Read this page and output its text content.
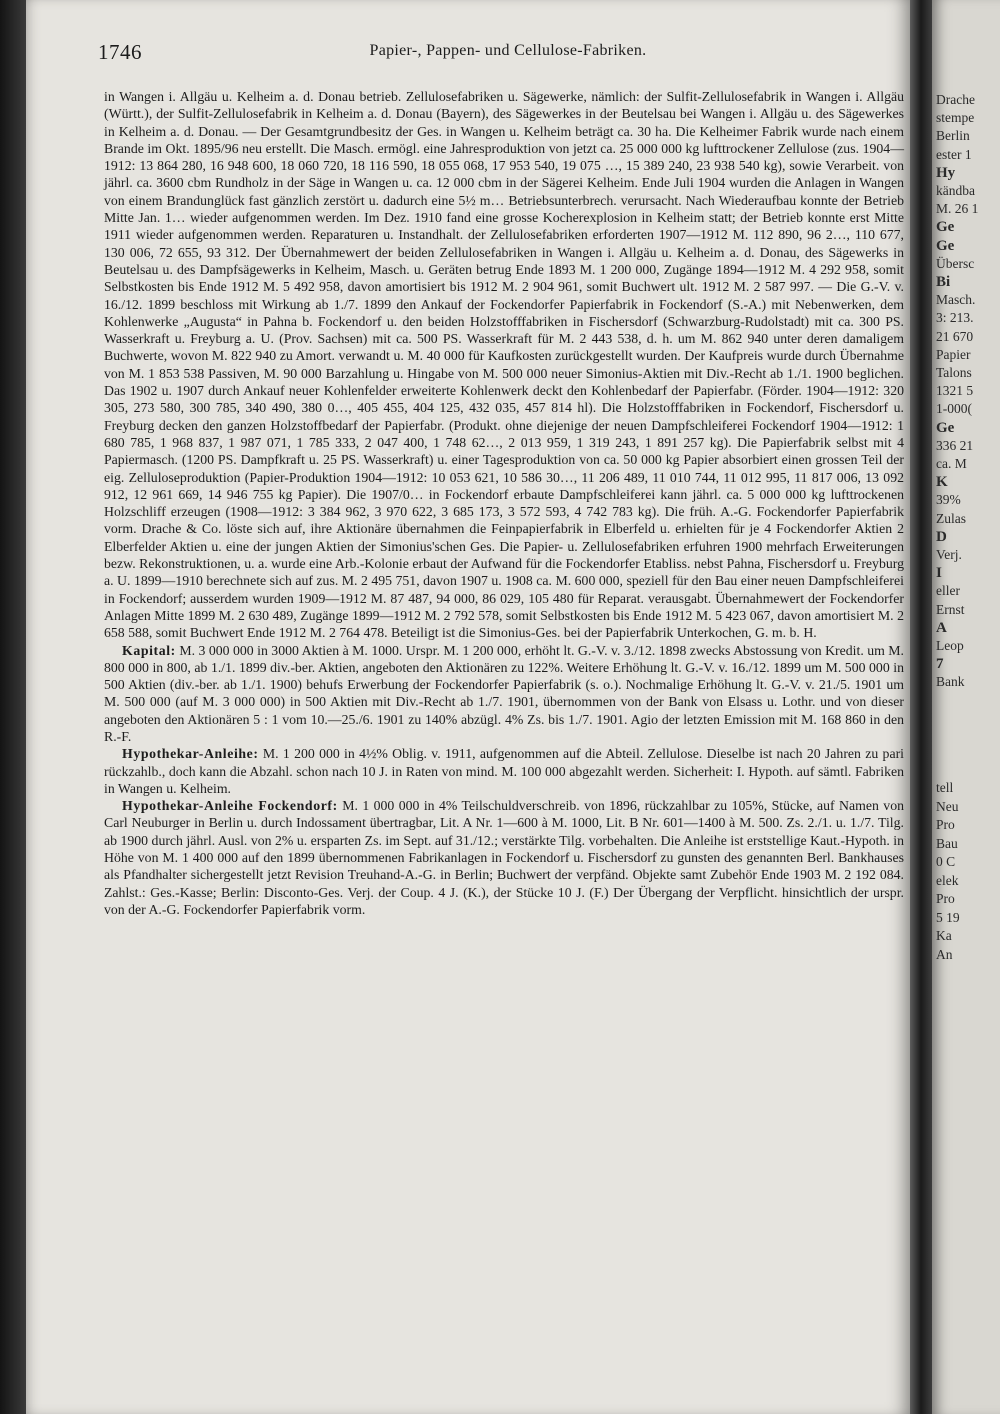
1746	Papier-, Pappen- und Cellulose-Fabriken.

in Wangen i. Allgäu u. Kelheim a. d. Donau betrieb. Zellulosefabriken u. Sägewerke, nämlich: der Sulfit-Zellulosefabrik in Wangen i. Allgäu (Württ.), der Sulfit-Zellulosefabrik in Kelheim a. d. Donau (Bayern), des Sägewerkes in der Beutelsau bei Wangen i. Allgäu u. des Sägewerkes in Kelheim a. d. Donau. — Der Gesamtgrundbesitz der Ges. in Wangen u. Kelheim beträgt ca. 30 ha. Die Kelheimer Fabrik wurde nach einem Brande im Okt. 1895/96 neu erstellt. Die Masch. ermögl. eine Jahresproduktion von jetzt ca. 25 000 000 kg lufttrockener Zellulose (zus. 1904—1912: 13 864 280, 16 948 600, 18 060 720, 18 116 590, 18 055 068, 17 953 540, 19 075 …, 15 389 240, 23 938 540 kg), sowie Verarbeit. von jährl. ca. 3600 cbm Rundholz in der Säge in Wangen u. ca. 12 000 cbm in der Sägerei Kelheim. Ende Juli 1904 wurden die Anlagen in Wangen von einem Brandunglück fast gänzlich zerstört u. dadurch eine 5½ m… Betriebsunterbrech. verursacht. Nach Wiederaufbau konnte der Betrieb Mitte Jan. 1… wieder aufgenommen werden. Im Dez. 1910 fand eine grosse Kocherexplosion in Kelheim statt; der Betrieb konnte erst Mitte 1911 wieder aufgenommen werden. Reparaturen u. Instandhalt. der Zellulosefabriken erforderten 1907—1912 M. 112 890, 96 2…, 110 677, 130 006, 72 655, 93 312. Der Übernahmewert der beiden Zellulosefabriken in Wangen i. Allgäu u. Kelheim a. d. Donau, des Sägewerks in Beutelsau u. des Dampfsägewerks in Kelheim, Masch. u. Geräten betrug Ende 1893 M. 1 200 000, Zugänge 1894—1912 M. 4 292 958, somit Selbstkosten bis Ende 1912 M. 5 492 958, davon amortisiert bis 1912 M. 2 904 961, somit Buchwert ult. 1912 M. 2 587 997. — Die G.-V. v. 16./12. 1899 beschloss mit Wirkung ab 1./7. 1899 den Ankauf der Fockendorfer Papierfabrik in Fockendorf (S.-A.) mit Nebenwerken, dem Kohlenwerke „Augusta“ in Pahna b. Fockendorf u. den beiden Holzstofffabriken in Fischersdorf (Schwarzburg-Rudolstadt) mit ca. 300 PS. Wasserkraft u. Freyburg a. U. (Prov. Sachsen) mit ca. 500 PS. Wasserkraft für M. 2 443 538, d. h. um M. 862 940 unter deren damaligem Buchwerte, wovon M. 822 940 zu Amort. verwandt u. M. 40 000 für Kaufkosten zurückgestellt wurden. Der Kaufpreis wurde durch Übernahme von M. 1 853 538 Passiven, M. 90 000 Barzahlung u. Hingabe von M. 500 000 neuer Simonius-Aktien mit Div.-Recht ab 1./1. 1900 beglichen. Das 1902 u. 1907 durch Ankauf neuer Kohlenfelder erweiterte Kohlenwerk deckt den Kohlenbedarf der Papierfabr. (Förder. 1904—1912: 320 305, 273 580, 300 785, 340 490, 380 0…, 405 455, 404 125, 432 035, 457 814 hl). Die Holzstofffabriken in Fockendorf, Fischersdorf u. Freyburg decken den ganzen Holzstoffbedarf der Papierfabr. (Produkt. ohne diejenige der neuen Dampfschleiferei Fockendorf 1904—1912: 1 680 785, 1 968 837, 1 987 071, 1 785 333, 2 047 400, 1 748 62…, 2 013 959, 1 319 243, 1 891 257 kg). Die Papierfabrik selbst mit 4 Papiermasch. (1200 PS. Dampfkraft u. 25 PS. Wasserkraft) u. einer Tagesproduktion von ca. 50 000 kg Papier absorbiert einen grossen Teil der eig. Zelluloseproduktion (Papier-Produktion 1904—1912: 10 053 621, 10 586 30…, 11 206 489, 11 010 744, 11 012 995, 11 817 006, 13 092 912, 12 961 669, 14 946 755 kg Papier). Die 1907/0… in Fockendorf erbaute Dampfschleiferei kann jährl. ca. 5 000 000 kg lufttrockenen Holzschliff erzeugen (1908—1912: 3 384 962, 3 970 622, 3 685 173, 3 572 593, 4 742 783 kg). Die früh. A.-G. Fockendorfer Papierfabrik vorm. Drache & Co. löste sich auf, ihre Aktionäre übernahmen die Feinpapierfabrik in Elberfeld u. erhielten für je 4 Fockendorfer Aktien 2 Elberfelder Aktien u. eine der jungen Aktien der Simonius'schen Ges. Die Papier- u. Zellulosefabriken erfuhren 1900 mehrfach Erweiterungen bezw. Rekonstruktionen, u. a. wurde eine Arb.-Kolonie erbaut der Aufwand für die Fockendorfer Etabliss. nebst Pahna, Fischersdorf u. Freyburg a. U. 1899—1910 berechnete sich auf zus. M. 2 495 751, davon 1907 u. 1908 ca. M. 600 000, speziell für den Bau einer neuen Dampfschleiferei in Fockendorf; ausserdem wurden 1909—1912 M. 87 487, 94 000, 86 029, 105 480 für Reparat. verausgabt. Übernahmewert der Fockendorfer Anlagen Mitte 1899 M. 2 630 489, Zugänge 1899—1912 M. 2 792 578, somit Selbstkosten bis Ende 1912 M. 5 423 067, davon amortisiert M. 2 658 588, somit Buchwert Ende 1912 M. 2 764 478. Beteiligt ist die Simonius-Ges. bei der Papierfabrik Unterkochen, G. m. b. H.

Kapital: M. 3 000 000 in 3000 Aktien à M. 1000. Urspr. M. 1 200 000, erhöht lt. G.-V. v. 3./12. 1898 zwecks Abstossung von Kredit. um M. 800 000 in 800, ab 1./1. 1899 div.-ber. Aktien, angeboten den Aktionären zu 122%. Weitere Erhöhung lt. G.-V. v. 16./12. 1899 um M. 500 000 in 500 Aktien (div.-ber. ab 1./1. 1900) behufs Erwerbung der Fockendorfer Papierfabrik (s. o.). Nochmalige Erhöhung lt. G.-V. v. 21./5. 1901 um M. 500 000 (auf M. 3 000 000) in 500 Aktien mit Div.-Recht ab 1./7. 1901, übernommen von der Bank von Elsass u. Lothr. und von dieser angeboten den Aktionären 5 : 1 vom 10.—25./6. 1901 zu 140% abzügl. 4% Zs. bis 1./7. 1901. Agio der letzten Emission mit M. 168 860 in den R.-F.

Hypothekar-Anleihe: M. 1 200 000 in 4½% Oblig. v. 1911, aufgenommen auf die Abteil. Zellulose. Dieselbe ist nach 20 Jahren zu pari rückzahlb., doch kann die Abzahl. schon nach 10 J. in Raten von mind. M. 100 000 abgezahlt werden. Sicherheit: I. Hypoth. auf sämtl. Fabriken in Wangen u. Kelheim.

Hypothekar-Anleihe Fockendorf: M. 1 000 000 in 4% Teilschuldverschreib. von 1896, rückzahlbar zu 105%, Stücke, auf Namen von Carl Neuburger in Berlin u. durch Indossament übertragbar, Lit. A Nr. 1—600 à M. 1000, Lit. B Nr. 601—1400 à M. 500. Zs. 2./1. u. 1./7. Tilg. ab 1900 durch jährl. Ausl. von 2% u. ersparten Zs. im Sept. auf 31./12.; verstärkte Tilg. vorbehalten. Die Anleihe ist erststellige Kaut.-Hypoth. in Höhe von M. 1 400 000 auf den 1899 übernommenen Fabrikanlagen in Fockendorf u. Fischersdorf zu gunsten des genannten Berl. Bankhauses als Pfandhalter sichergestellt jetzt Revision Treuhand-A.-G. in Berlin; Buchwert der verpfänd. Objekte samt Zubehör Ende 1903 M. 2 192 084. Zahlst.: Ges.-Kasse; Berlin: Disconto-Ges. Verj. der Coup. 4 J. (K.), der Stücke 10 J. (F.) Der Übergang der Verpflicht. hinsichtlich der urspr. von der A.-G. Fockendorfer Papierfabrik vorm.

Drache
stempe
Berlin
ester 1
Hy
kändba
M. 26 1
Ge
Ge
Übersc
Bi
Masch.
3: 213.
21 670
Papier
Talons
1321 5
1-000(
Ge
336 21
ca. M
K
39%
Zulas
D
Verj.
I
eller
Ernst
A
Leop
7
Bank
tell
Neu
Pro
Bau
0 C
elek
Pro
5 19
Ka
An
